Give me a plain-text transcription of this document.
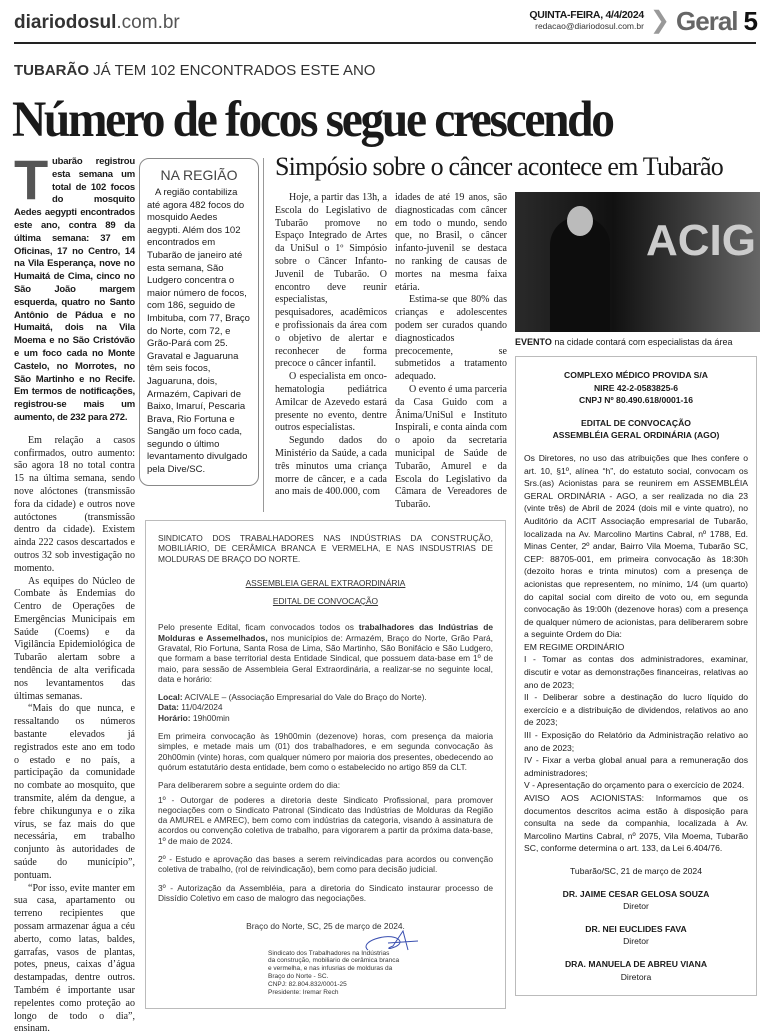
diariodosul.com.br	QUINTA-FEIRA, 4/4/2024
redacao@diariodosul.com.br ❯ Geral 5
TUBARÃO JÁ TEM 102 ENCONTRADOS ESTE ANO
Número de focos segue crescendo
Tubarão registrou esta semana um total de 102 focos do mosquito Aedes aegypti encontrados este ano, contra 89 da última semana: 37 em Oficinas, 17 no Centro, 14 na Vila Esperança, nove no Humaitá de Cima, cinco no São João margem esquerda, quatro no Santo Antônio de Pádua e no Humaitá, dois na Vila Moema e no São Cristóvão e um foco cada no Monte Castelo, no Morrotes, no São Martinho e no Recife. Em termos de notificações, registrou-se mais um aumento, de 232 para 272.

Em relação a casos confirmados, outro aumento: são agora 18 no total contra 15 na última semana, sendo nove alóctones (transmissão fora da cidade) e outros nove autóctones (transmissão dentro da cidade). Existem ainda 222 casos descartados e outros 32 sob investigação no momento.

As equipes do Núcleo de Combate às Endemias do Centro de Operações de Emergências Municipais em Saúde (Coems) e da Vigilância Epidemiológica de Tubarão alertam sobre a tendência de alta verificada nos levantamentos das últimas semanas.

“Mais do que nunca, e ressaltando os números bastante elevados já registrados este ano em todo o estado e no país, a participação da comunidade no combate ao mosquito, que transmite, além da dengue, a febre chikungunya e o zika vírus, se faz mais do que necessária, em trabalho conjunto às autoridades de saúde do município”, pontuam.

“Por isso, evite manter em sua casa, apartamento ou terreno recipientes que possam armazenar água a céu aberto, como latas, baldes, garrafas, vasos de plantas, potes, pneus, caixas d’água destampadas, dentre outros. Também é importante usar repelentes como proteção ao longo de todo o dia”, ensinam.

Simpósio sobre o câncer acontece em Tubarão
NA REGIÃO

A região contabiliza até agora 482 focos do mosquido Aedes aegypti. Além dos 102 encontrados em Tubarão de janeiro até esta semana, São Ludgero concentra o maior número de focos, com 186, seguido de Imbituba, com 77, Braço do Norte, com 72, e Grão-Pará com 25. Gravatal e Jaguaruna têm seis focos, Jaguaruna, dois, Armazém, Capivari de Baixo, Imaruí, Pescaria Brava, Rio Fortuna e Sangão um foco cada, segundo o último levantamento divulgado pela Dive/SC.

Hoje, a partir das 13h, a Escola do Legislativo de Tubarão promove no Espaço Integrado de Artes da UniSul o 1º Simpósio sobre o Câncer Infanto-Juvenil de Tubarão. O encontro deve reunir especialistas, pesquisadores, acadêmicos e profissionais da área com o objetivo de alertar e reconhecer de forma precoce o câncer infantil.

O especialista em onco-hematologia pediátrica Amilcar de Azevedo estará presente no evento, dentre outros especialistas.

Segundo dados do Ministério da Saúde, a cada três minutos uma criança morre de câncer, e a cada ano mais de 400.000, com

idades de até 19 anos, são diagnosticadas com câncer em todo o mundo, sendo que, no Brasil, o câncer infanto-juvenil se destaca no ranking de causas de mortes na mesma faixa etária.

Estima-se que 80% das crianças e adolescentes podem ser curados quando diagnosticados precocemente, se submetidos a tratamento adequado.

O evento é uma parceria da Casa Guido com a Ânima/UniSul e Instituto Inspirali, e conta ainda com o apoio da secretaria municipal de Saúde de Tubarão, Amurel e da Escola do Legislativo da Câmara de Vereadores de Tubarão.

SINDICATO DOS TRABALHADORES NAS INDÚSTRIAS DA CONSTRUÇÃO, MOBILIÁRIO, DE CERÂMICA BRANCA E VERMELHA, E NAS INSDUSTRIAS DE MOLDURAS DE BRAÇO DO NORTE.

ASSEMBLEIA GERAL EXTRAORDINÁRIA
EDITAL DE CONVOCAÇÃO

Pelo presente Edital, ficam convocados todos os trabalhadores das Indústrias de Molduras e Assemelhados, nos municípios de: Armazém, Braço do Norte, Grão Pará, Gravatal, Rio Fortuna, Santa Rosa de Lima, São Martinho, São Bonifácio e São Ludgero, que formam a base territorial desta Entidade Sindical, que possuem data-base em 1º de maio, para sessão de Assembleia Geral Extraordinária, a realizar-se no seguinte local, data e horário:

Local: ACIVALE – (Associação Empresarial do Vale do Braço do Norte).
Data: 11/04/2024
Horário: 19h00min

Em primeira convocação às 19h00min (dezenove) horas, com presença da maioria simples, e metade mais um (01) dos trabalhadores, e em segunda convocação às 20h00min (vinte) horas, com qualquer número por maioria dos presentes, obedecendo ao quórum estatutário desta entidade, bem como o estabelecido no artigo 859 da CLT.

Para deliberarem sobre a seguinte ordem do dia:

1º - Outorgar de poderes a diretoria deste Sindicato Profissional, para promover negociações com o Sindicato Patronal (Sindicato das Indústrias de Molduras da Região da AMUREL e AMREC), bem como com indústrias da categoria, visando à assinatura de acordos ou convenção coletiva de trabalho, para vigorarem a partir da próxima data-base, 1º de maio de 2024.

2º - Estudo e aprovação das bases a serem reivindicadas para acordos ou convenção coletiva de trabalho, (rol de reivindicação), bem como para decisão judicial.

3º - Autorização da Assembléia, para a diretoria do Sindicato instaurar processo de Dissídio Coletivo em caso de malogro das negociações.

Braço do Norte, SC, 25 de março de 2024.
Sindicato dos Trabalhadores na Indústrias
da construção, mobiliario de cerâmica branca
e vermelha, e nas infusrias de molduras da
Braço do Norte - SC.
CNPJ: 82.804.832/0001-25
Presidente: Iremar Rech
ACIG
EVENTO na cidade contará com especialistas da área
COMPLEXO MÉDICO PROVIDA S/A
NIRE 42-2-0583825-6
CNPJ Nº 80.490.618/0001-16
EDITAL DE CONVOCAÇÃO
ASSEMBLÉIA GERAL ORDINÁRIA (AGO)

Os Diretores, no uso das atribuições que lhes confere o art. 10, §1º, alínea “h”, do estatuto social, convocam os Srs.(as) Acionistas para se reunirem em ASSEMBLÉIA GERAL ORDINÁRIA - AGO, a ser realizada no dia 23 (vinte três) de Abril de 2024 (dois mil e vinte quatro), no Auditório da ACIT Associação empresarial de Tubarão, localizada na Av. Marcolino Martins Cabral, nº 1788, Ed. Minas Center, 2º andar, Bairro Vila Moema, Tubarão SC, CEP: 88705-001, em primeira convocação às 18:30h (dezoito horas e trinta minutos) com a presença de acionistas que representem, no mínimo, 1/4 (um quarto) do capital social com direito de voto ou, em segunda convocação às 19:00h (dezenove horas) com a presença de qualquer número de acionistas, para deliberarem sobre a seguinte Ordem do Dia:

EM REGIME ORDINÁRIO

I - Tomar as contas dos administradores, examinar, discutir e votar as demonstrações financeiras, relativas ao ano de 2023;

II - Deliberar sobre a destinação do lucro líquido do exercício e a distribuição de dividendos, relativos ao ano de 2023;

III - Exposição do Relatório da Administração relativo ao ano de 2023;

IV - Fixar a verba global anual para a remuneração dos administradores;

V - Apresentação do orçamento para o exercício de 2024.

AVISO AOS ACIONISTAS: Informamos que os documentos descritos acima estão à disposição para consulta na sede da companhia, localizada à Av. Marcolino Martins Cabral, nº 2075, Vila Moema, Tubarão SC, conforme determina o art. 133, da Lei 6.404/76.

Tubarão/SC, 21 de março de 2024
DR. JAIME CESAR GELOSA SOUZA
Diretor
DR. NEI EUCLIDES FAVA
Diretor
DRA. MANUELA DE ABREU VIANA
Diretora
